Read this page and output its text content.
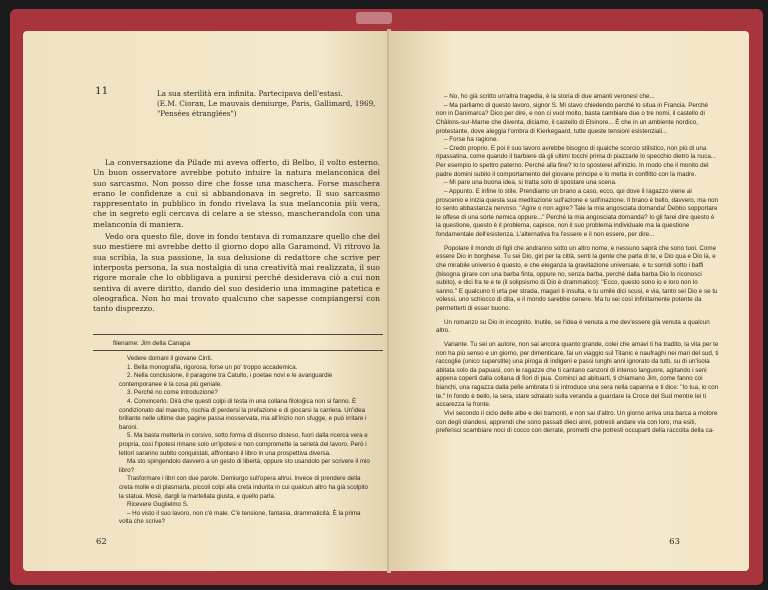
11	La sua sterilità era infinita. Partecipava dell'estasi.
(E.M. Cioran, Le mauvais demiurge, Paris, Gallimard, 1969,
"Pensées étranglées")

La conversazione da Pilade mi aveva offerto, di Belbo, il volto esterno. Un buon osservatore avrebbe potuto intuire la natura melanconica del suo sarcasmo. Non posso dire che fosse una maschera. Forse maschera erano le confidenze a cui si abbandonava in segreto. Il suo sarcasmo rappresentato in pubblico in fondo rivelava la sua melanconia più vera, che in segreto egli cercava di celare a se stesso, mascherandola con una melanconia di maniera.

Vedo ora questo file, dove in fondo tentava di romanzare quello che del suo mestiere mi avrebbe detto il giorno dopo alla Garamond. Vi ritrovo la sua scribìa, la sua passione, la sua delusione di redattore che scrive per interposta persona, la sua nostalgia di una creatività mai realizzata, il suo rigore morale che lo obbligava a punirsi perché desiderava ciò a cui non sentiva di avere diritto, dando del suo desiderio una immagine patetica e oleografica. Non ho mai trovato qualcuno che sapesse compiangersi con tanto disprezzo.

filename: Jim della Canapa

Vedere domani il giovane Cinti.

1. Bella monografia, rigorosa, forse un po' troppo accademica.

2. Nella conclusione, il paragone tra Catullo, i poetae novi e le avanguardie contemporanee è la cosa più geniale.

3. Perché no come introduzione?

4. Convincerlo. Dirà che questi colpi di testa in una collana filologica non si fanno. È condizionato dal maestro, rischia di perdersi la prefazione e di giocarsi la carriera. Un'idea brillante nelle ultime due pagine passa inosservata, ma all'inizio non sfugge, e può irritare i baroni.

5. Ma basta metterla in corsivo, sotto forma di discorso disteso, fuori dalla ricerca vera e propria, così l'ipotesi rimane solo un'ipotesi e non compromette la serietà del lavoro. Però i lettori saranno subito conquistati, affrontano il libro in una prospettiva diversa.

Ma sto spingendolo davvero a un gesto di libertà, oppure sto usandolo per scrivere il mio libro?

Trasformare i libri con due parole. Demiurgo sull'opera altrui. Invece di prendere della creta molle e di plasmarla, piccoli colpi alla creta indurita in cui qualcun altro ha già scolpito la statua. Mosè, dargli la martellata giusta, e quello parla.

Ricevere Guglielmo S.

– Ho visto il suo lavoro, non c'è male. C'è tensione, fantasia, drammaticità. È la prima volta che scrive?

62

– No, ho già scritto un'altra tragedia, è la storia di due amanti veronesi che...

– Ma parliamo di questo lavoro, signor S. Mi stavo chiedendo perché lo situa in Francia. Perché non in Danimarca? Dico per dire, e non ci vuol molto, basta cambiare due o tre nomi, il castello di Châlons-sur-Marne che diventa, diciamo, il castello di Elsinore... È che in un ambiente nordico, protestante, dove aleggia l'ombra di Kierkegaard, tutte queste tensioni esistenziali...

– Forse ha ragione.

– Credo proprio. E poi il suo lavoro avrebbe bisogno di qualche scorcio stilistico, non più di una ripassatina, come quando il barbiere dà gli ultimi tocchi prima di piazzarle lo specchio dietro la nuca... Per esempio lo spettro paterno. Perché alla fine? Io lo sposterei all'inizio. In modo che il monito del padre domini subito il comportamento del giovane principe e lo metta in conflitto con la madre.

– Mi pare una buona idea, si tratta solo di spostare una scena.

– Appunto. E infine lo stile. Prendiamo un brano a caso, ecco, qui dove il ragazzo viene al proscenio e inizia questa sua meditazione sull'azione e sull'inazione. Il brano è bello, davvero, ma non lo sento abbastanza nervoso. "Agire o non agire? Tale la mia angosciata domanda! Debbo sopportare le offese di una sorte nemica oppure..." Perché la mia angosciata domanda? Io gli farei dire questo è la questione, questo è il problema, capisce, non il suo problema individuale ma la questione fondamentale dell'esistenza. L'alternativa fra l'essere e il non essere, per dire...

Popolare il mondo di figli che andranno sotto un altro nome, e nessuno saprà che sono tuoi. Come essere Dio in borghese. Tu sei Dio, giri per la città, senti la gente che parla di te, e Dio qua e Dio là, e che mirabile universo è questo, e che eleganza la gravitazione universale, e tu sorridi sotto i baffi (bisogna girare con una barba finta, oppure no, senza barba, perché dalla barba Dio lo riconosci subito), e dici fra te e te (il solipsismo di Dio è drammatico): "Ecco, questo sono io e loro non lo sanno." E qualcuno ti urta per strada, magari ti insulta, e tu umile dici scusi, e via, tanto sei Dio e se tu volessi, uno schiocco di dita, e il mondo sarebbe cenere. Ma tu sei così infinitamente potente da permetterti di esser buono.

Un romanzo su Dio in incognito. Inutile, se l'idea è venuta a me dev'essere già venuta a qualcun altro.

Variante. Tu sei un autore, non sai ancora quanto grande, colei che amavi ti ha tradito, la vita per te non ha più senso e un giorno, per dimenticare, fai un viaggio sul Titanic e naufraghi nei mari del sud, ti raccoglie (unico superstite) una piroga di indigeni e passi lunghi anni ignorato da tutti, su di un'isola abitata solo da papuasi, con le ragazze che ti cantano canzoni di intenso languore, agitando i seni appena coperti dalla collana di fiori di pua. Cominci ad abituarti, ti chiamano Jim, come fanno coi bianchi, una ragazza dalla pelle ambrata ti si introduce una sera nella capanna e ti dice: "Io tua, io con te." In fondo è bello, la sera, stare sdraiato sulla veranda a guardare la Croce del Sud mentre lei ti accarezza la fronte.

Vivi secondo il ciclo delle albe e dei tramonti, e non sai d'altro. Un giorno arriva una barca a motore con degli olandesi, apprendi che sono passati dieci anni, potresti andare via con loro, ma esiti, preferisci scambiare noci di cocco con derrate, prometti che potresti occuparti della raccolta della ca-

63
